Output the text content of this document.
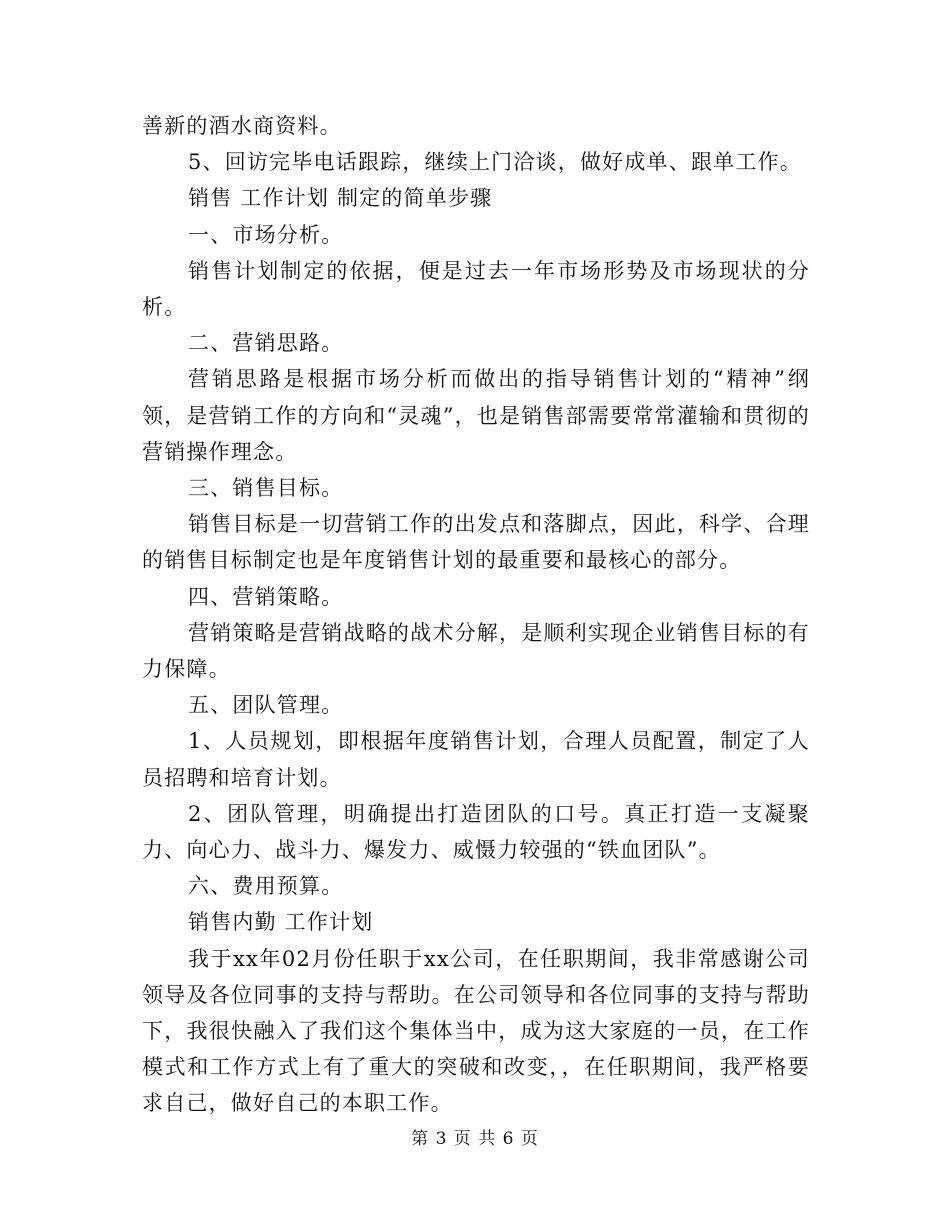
善新的酒水商资料。

5、回访完毕电话跟踪，继续上门洽谈，做好成单、跟单工作。

销售 工作计划 制定的简单步骤

一、市场分析。

销售计划制定的依据，便是过去一年市场形势及市场现状的分析。

二、营销思路。

营销思路是根据市场分析而做出的指导销售计划的“精神”纲领，是营销工作的方向和“灵魂”，也是销售部需要常常灌输和贯彻的营销操作理念。

三、销售目标。

销售目标是一切营销工作的出发点和落脚点，因此，科学、合理的销售目标制定也是年度销售计划的最重要和最核心的部分。

四、营销策略。

营销策略是营销战略的战术分解，是顺利实现企业销售目标的有力保障。

五、团队管理。

1、人员规划，即根据年度销售计划，合理人员配置，制定了人员招聘和培育计划。

2、团队管理，明确提出打造团队的口号。真正打造一支凝聚力、向心力、战斗力、爆发力、威慑力较强的“铁血团队”。

六、费用预算。

销售内勤 工作计划

我于xx年02月份任职于xx公司，在任职期间，我非常感谢公司领导及各位同事的支持与帮助。在公司领导和各位同事的支持与帮助下，我很快融入了我们这个集体当中，成为这大家庭的一员，在工作模式和工作方式上有了重大的突破和改变，，在任职期间，我严格要求自己，做好自己的本职工作。

第 3 页 共 6 页
